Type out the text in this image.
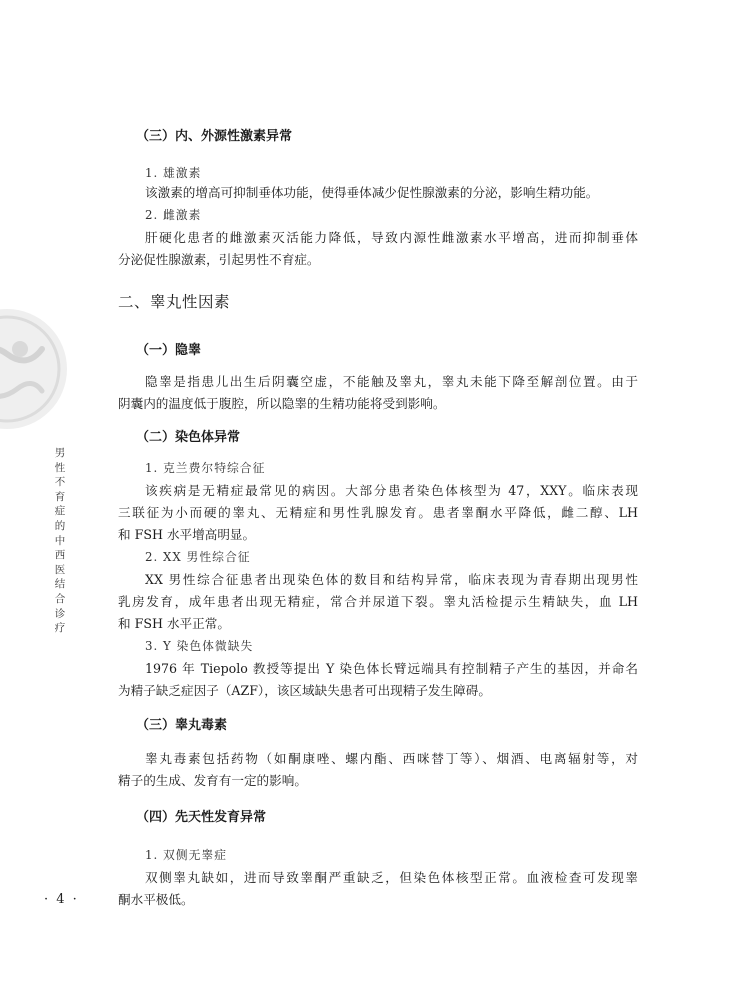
男性不育症的中西医结合诊疗
· 4 ·
（三）内、外源性激素异常
1. 雄激素
该激素的增高可抑制垂体功能，使得垂体减少促性腺激素的分泌，影响生精功能。
2. 雌激素
肝硬化患者的雌激素灭活能力降低，导致内源性雌激素水平增高，进而抑制垂体
分泌促性腺激素，引起男性不育症。
二、睾丸性因素
（一）隐睾
隐睾是指患儿出生后阴囊空虚，不能触及睾丸，睾丸未能下降至解剖位置。由于
阴囊内的温度低于腹腔，所以隐睾的生精功能将受到影响。
（二）染色体异常
1. 克兰费尔特综合征
该疾病是无精症最常见的病因。大部分患者染色体核型为 47，XXY。临床表现
三联征为小而硬的睾丸、无精症和男性乳腺发育。患者睾酮水平降低，雌二醇、LH
和 FSH 水平增高明显。
2. XX 男性综合征
XX 男性综合征患者出现染色体的数目和结构异常，临床表现为青春期出现男性
乳房发育，成年患者出现无精症，常合并尿道下裂。睾丸活检提示生精缺失，血 LH
和 FSH 水平正常。
3. Y 染色体微缺失
1976 年 Tiepolo 教授等提出 Y 染色体长臂远端具有控制精子产生的基因，并命名
为精子缺乏症因子（AZF），该区域缺失患者可出现精子发生障碍。
（三）睾丸毒素
睾丸毒素包括药物（如酮康唑、螺内酯、西咪替丁等）、烟酒、电离辐射等，对
精子的生成、发育有一定的影响。
（四）先天性发育异常
1. 双侧无睾症
双侧睾丸缺如，进而导致睾酮严重缺乏，但染色体核型正常。血液检查可发现睾
酮水平极低。
